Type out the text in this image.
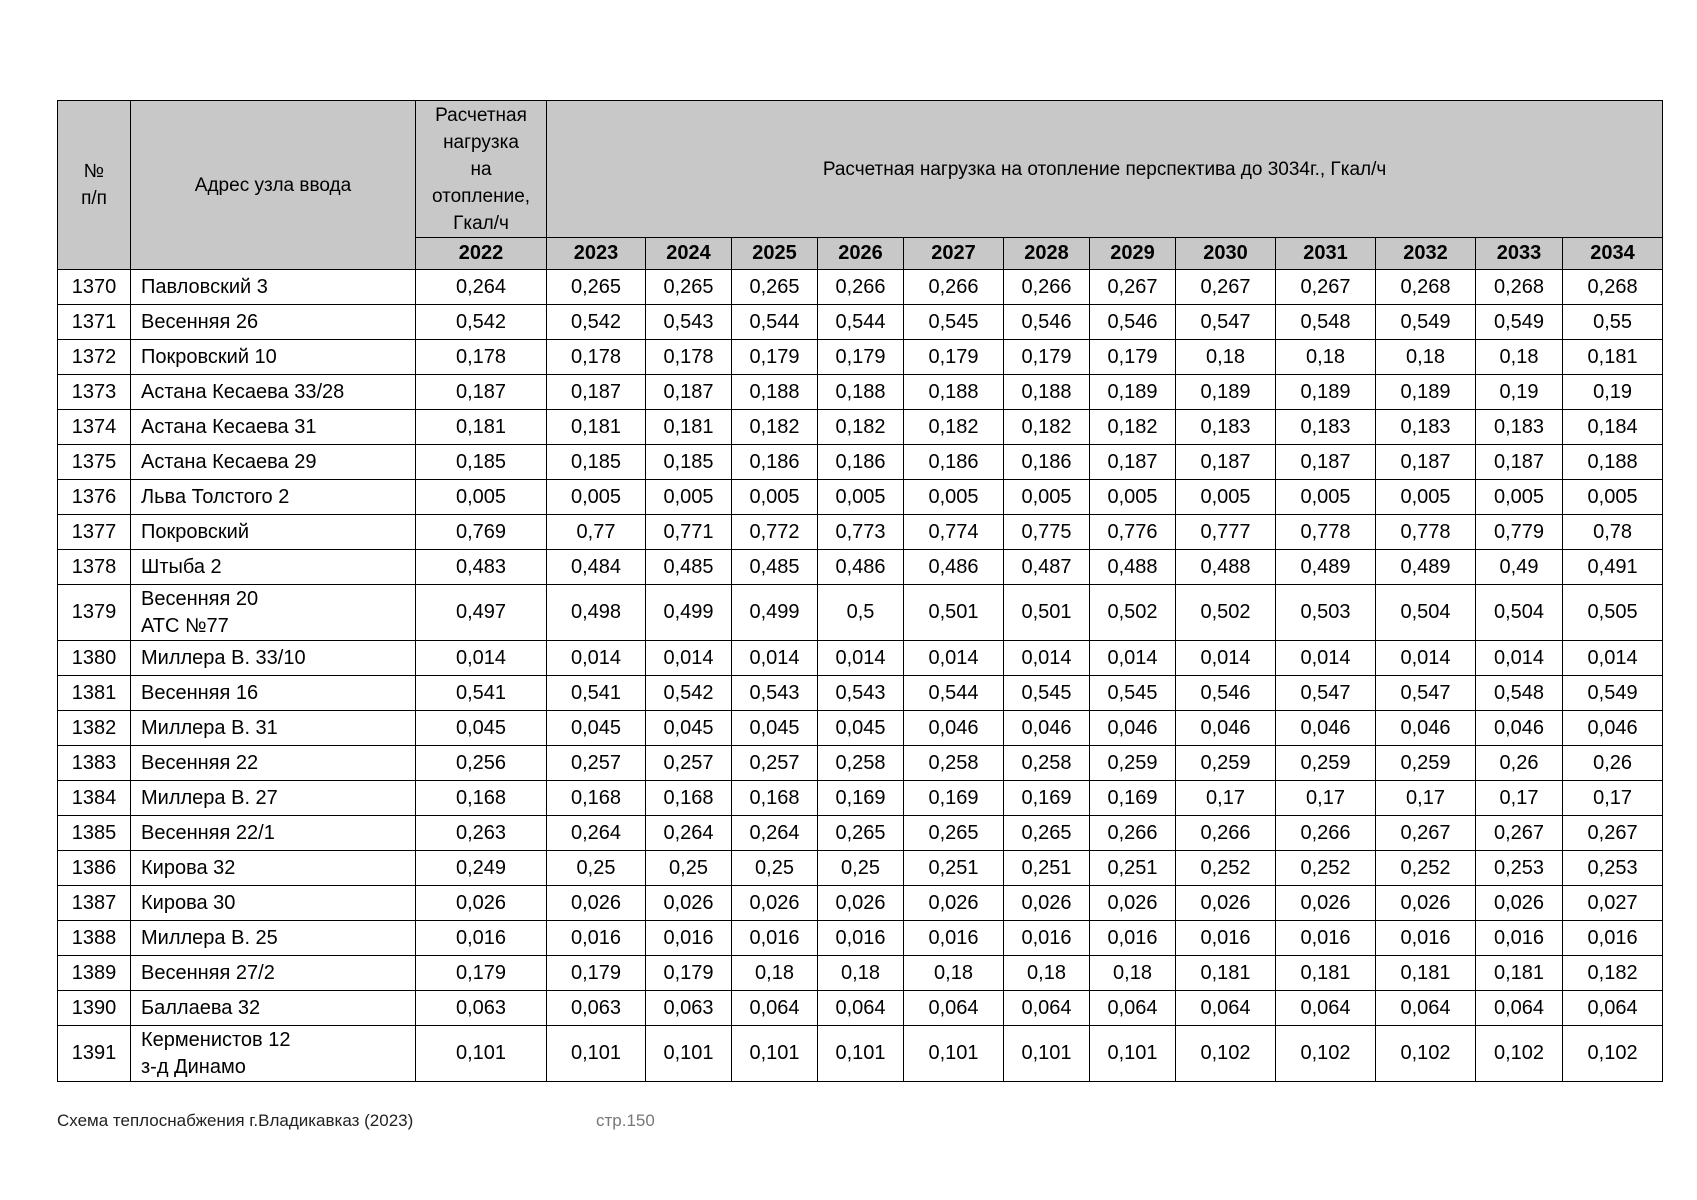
№
п/п	Адрес узла ввода	Расчетная
нагрузка
на
отопление,
Гкал/ч	Расчетная нагрузка на отопление перспектива до 3034г., Гкал/ч											
		2022	2023	2024	2025	2026	2027	2028	2029	2030	2031	2032	2033	2034
1370	Павловский 3	0,264	0,265	0,265	0,265	0,266	0,266	0,266	0,267	0,267	0,267	0,268	0,268	0,268
1371	Весенняя 26	0,542	0,542	0,543	0,544	0,544	0,545	0,546	0,546	0,547	0,548	0,549	0,549	0,55
1372	Покровский 10	0,178	0,178	0,178	0,179	0,179	0,179	0,179	0,179	0,18	0,18	0,18	0,18	0,181
1373	Астана Кесаева 33/28	0,187	0,187	0,187	0,188	0,188	0,188	0,188	0,189	0,189	0,189	0,189	0,19	0,19
1374	Астана Кесаева 31	0,181	0,181	0,181	0,182	0,182	0,182	0,182	0,182	0,183	0,183	0,183	0,183	0,184
1375	Астана Кесаева 29	0,185	0,185	0,185	0,186	0,186	0,186	0,186	0,187	0,187	0,187	0,187	0,187	0,188
1376	Льва Толстого 2	0,005	0,005	0,005	0,005	0,005	0,005	0,005	0,005	0,005	0,005	0,005	0,005	0,005
1377	Покровский	0,769	0,77	0,771	0,772	0,773	0,774	0,775	0,776	0,777	0,778	0,778	0,779	0,78
1378	Штыба 2	0,483	0,484	0,485	0,485	0,486	0,486	0,487	0,488	0,488	0,489	0,489	0,49	0,491
1379	Весенняя 20
АТС №77	0,497	0,498	0,499	0,499	0,5	0,501	0,501	0,502	0,502	0,503	0,504	0,504	0,505
1380	Миллера В. 33/10	0,014	0,014	0,014	0,014	0,014	0,014	0,014	0,014	0,014	0,014	0,014	0,014	0,014
1381	Весенняя 16	0,541	0,541	0,542	0,543	0,543	0,544	0,545	0,545	0,546	0,547	0,547	0,548	0,549
1382	Миллера В. 31	0,045	0,045	0,045	0,045	0,045	0,046	0,046	0,046	0,046	0,046	0,046	0,046	0,046
1383	Весенняя 22	0,256	0,257	0,257	0,257	0,258	0,258	0,258	0,259	0,259	0,259	0,259	0,26	0,26
1384	Миллера В. 27	0,168	0,168	0,168	0,168	0,169	0,169	0,169	0,169	0,17	0,17	0,17	0,17	0,17
1385	Весенняя 22/1	0,263	0,264	0,264	0,264	0,265	0,265	0,265	0,266	0,266	0,266	0,267	0,267	0,267
1386	Кирова 32	0,249	0,25	0,25	0,25	0,25	0,251	0,251	0,251	0,252	0,252	0,252	0,253	0,253
1387	Кирова 30	0,026	0,026	0,026	0,026	0,026	0,026	0,026	0,026	0,026	0,026	0,026	0,026	0,027
1388	Миллера В. 25	0,016	0,016	0,016	0,016	0,016	0,016	0,016	0,016	0,016	0,016	0,016	0,016	0,016
1389	Весенняя 27/2	0,179	0,179	0,179	0,18	0,18	0,18	0,18	0,18	0,181	0,181	0,181	0,181	0,182
1390	Баллаева 32	0,063	0,063	0,063	0,064	0,064	0,064	0,064	0,064	0,064	0,064	0,064	0,064	0,064
1391	Керменистов 12
з-д Динамо	0,101	0,101	0,101	0,101	0,101	0,101	0,101	0,101	0,102	0,102	0,102	0,102	0,102
Схема теплоснабжения г.Владикавказ (2023)	стр.150
